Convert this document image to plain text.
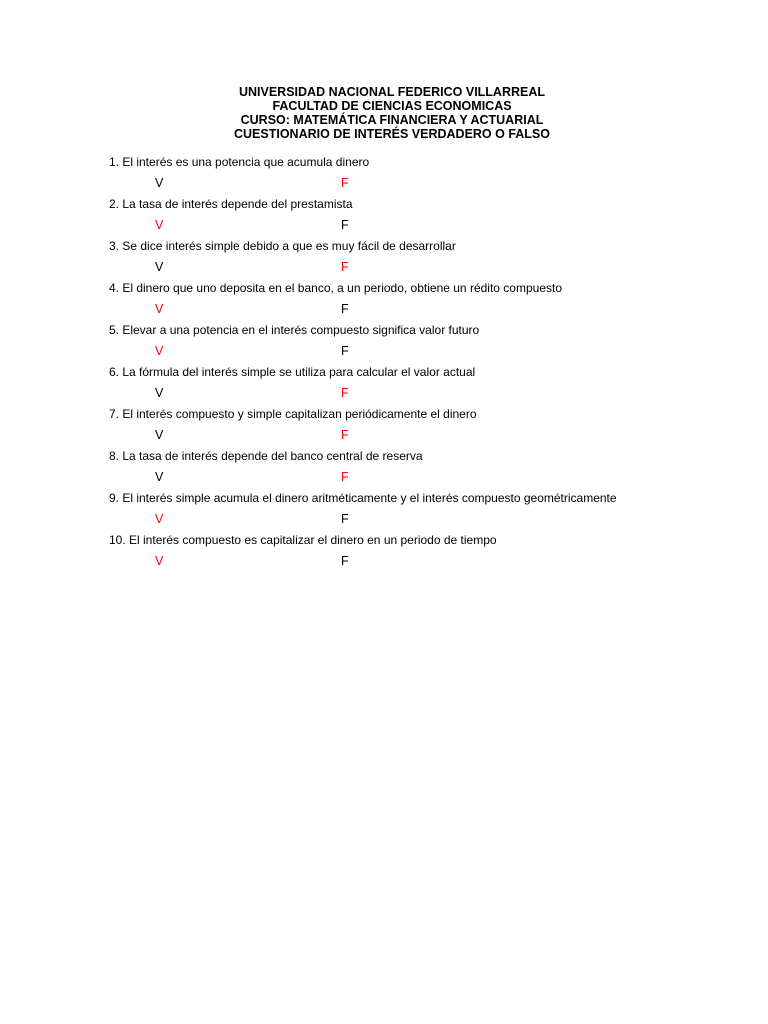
UNIVERSIDAD NACIONAL FEDERICO VILLARREAL
FACULTAD DE CIENCIAS ECONOMICAS
CURSO: MATEMÁTICA FINANCIERA Y ACTUARIAL
CUESTIONARIO DE INTERÉS VERDADERO O FALSO
1. El interés es una potencia que acumula dinero
V	F
2. La tasa de interés depende del prestamista
V	F
3. Se dice interés simple debido a que es muy fácil de desarrollar
V	F
4. El dinero que uno deposita en el banco, a un periodo, obtiene un rédito compuesto
V	F
5. Elevar a una potencia en el interés compuesto significa valor futuro
V	F
6. La fórmula del interés simple se utiliza para calcular el valor actual
V	F
7. El interés compuesto y simple capitalizan periódicamente el dinero
V	F
8. La tasa de interés depende del banco central de reserva
V	F
9. El interés simple acumula el dinero aritméticamente y el interés compuesto geométricamente
V	F
10. El interés compuesto es capitalizar el dinero en un periodo de tiempo
V	F
